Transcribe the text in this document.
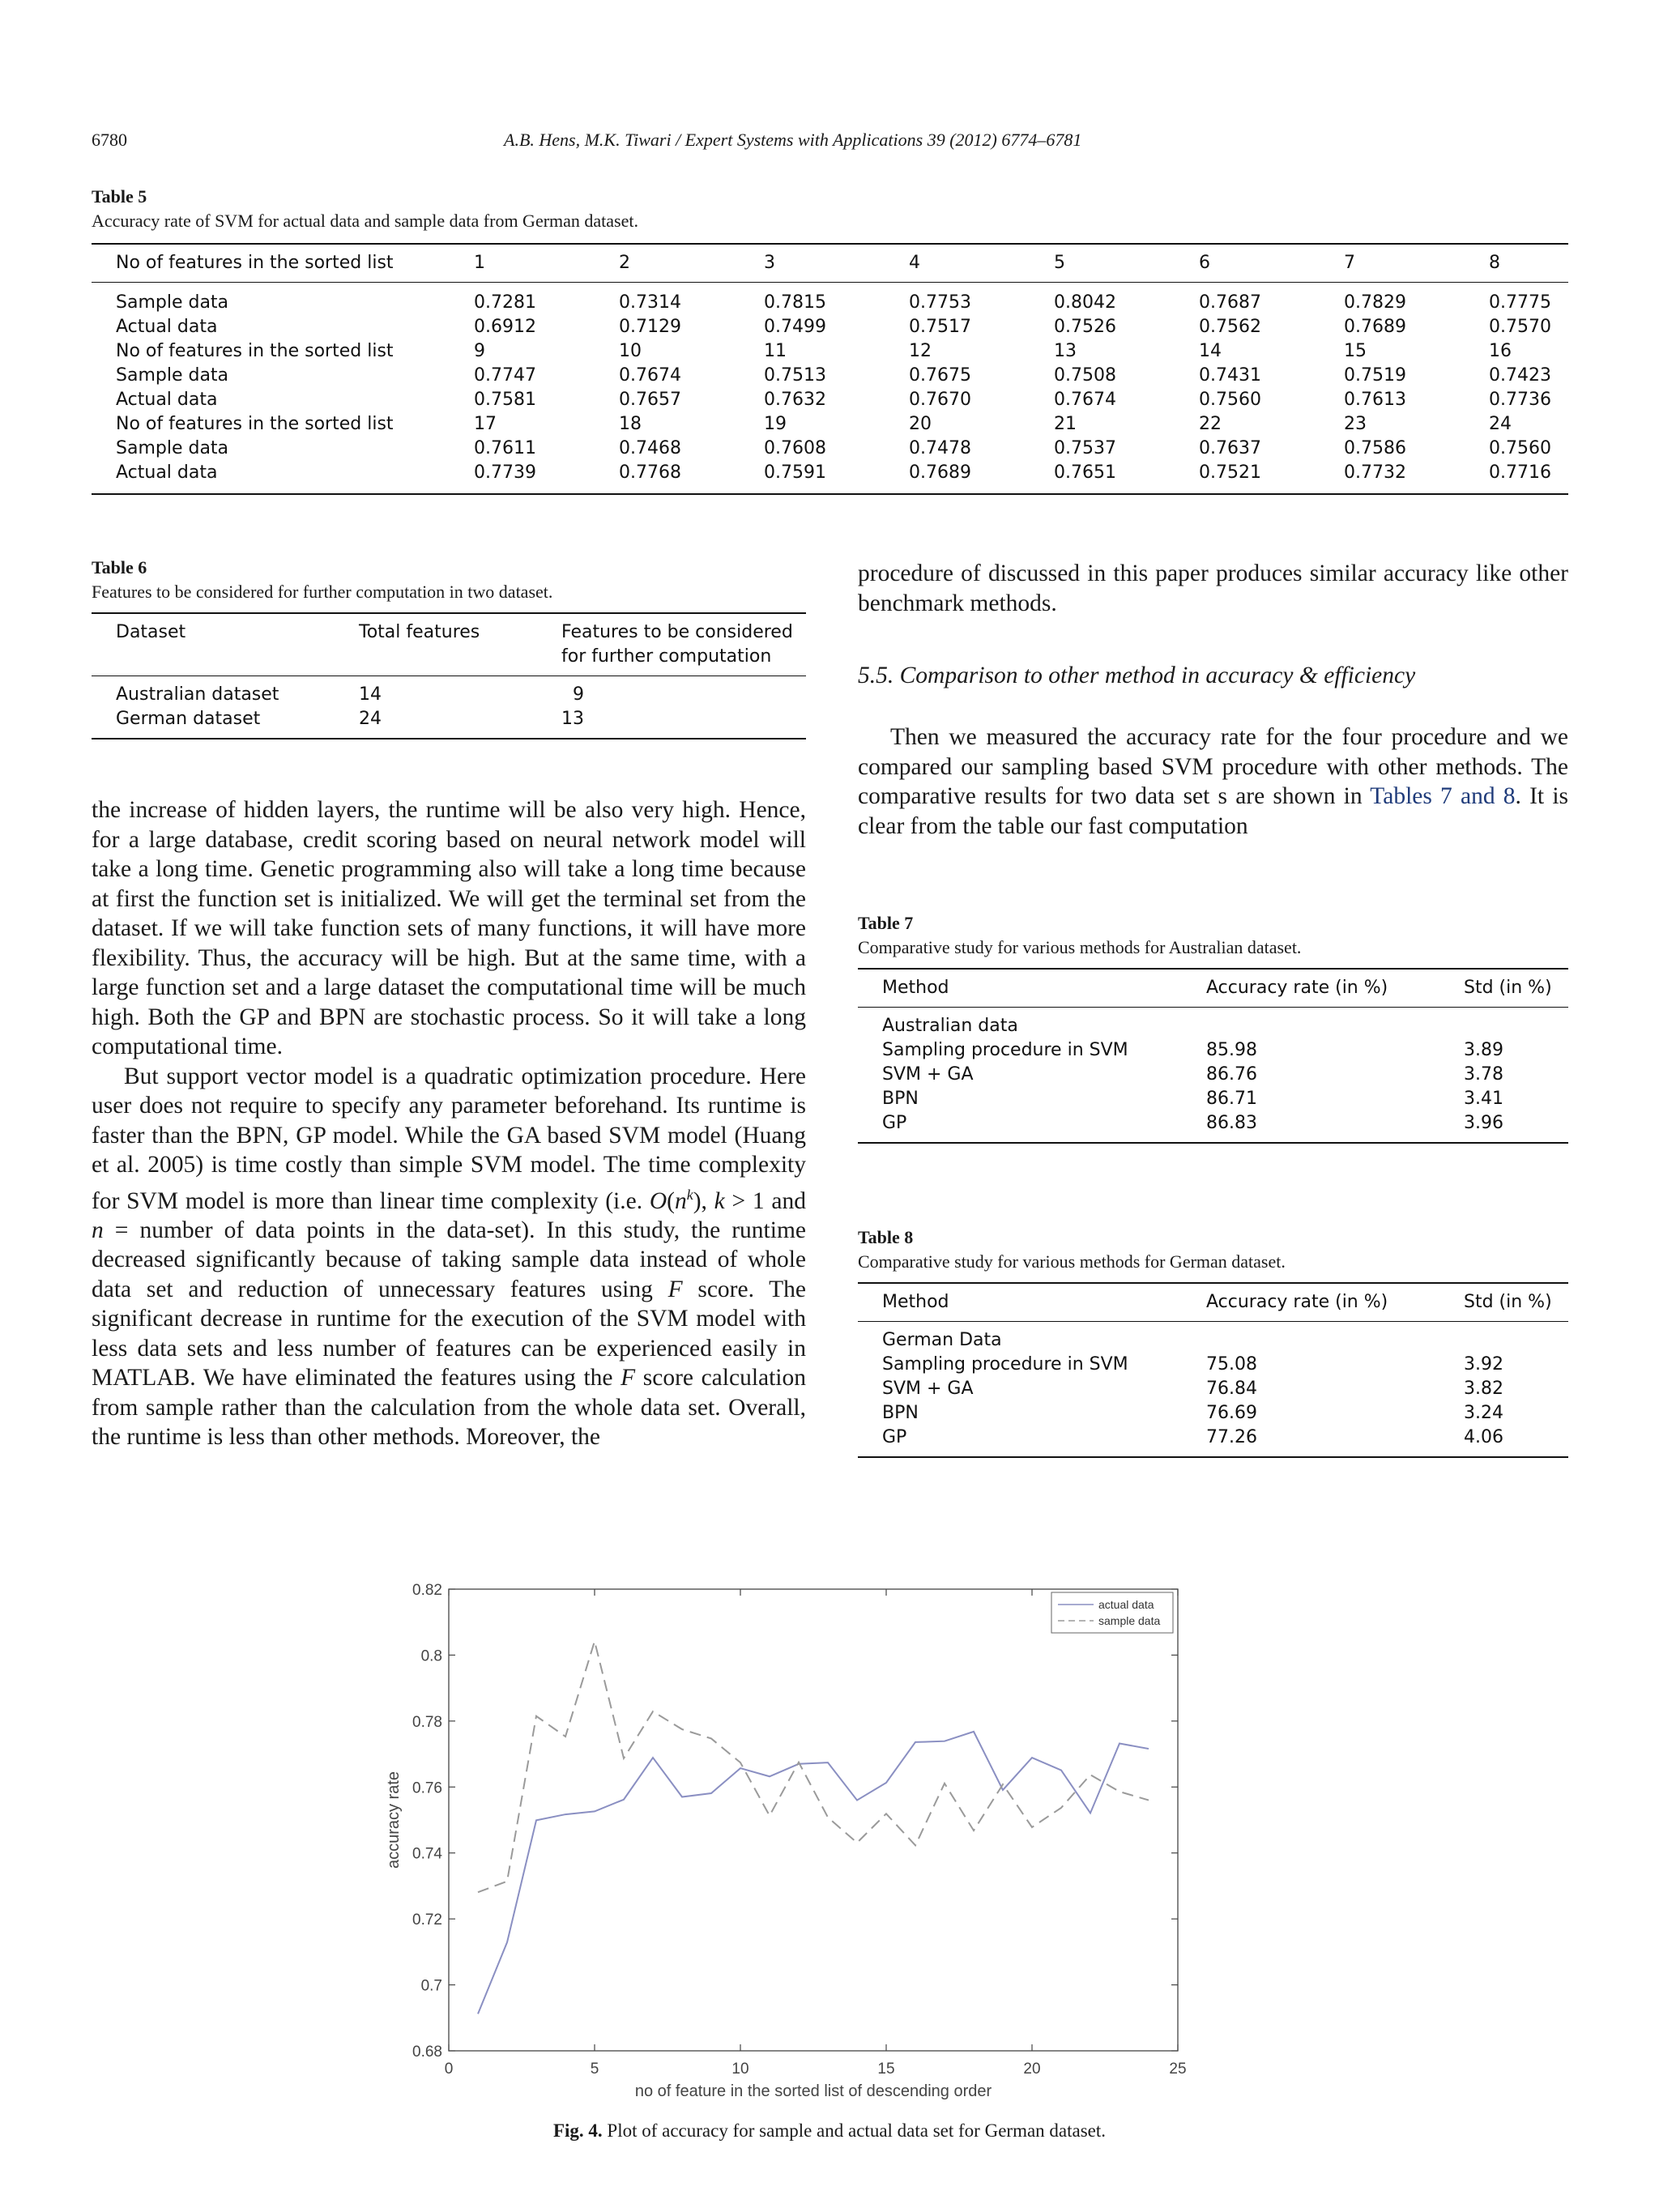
6780	A.B. Hens, M.K. Tiwari / Expert Systems with Applications 39 (2012) 6774–6781
Table 5
Accuracy rate of SVM for actual data and sample data from German dataset.
No of features in the sorted list	1	2	3	4	5	6	7	8
Sample data	0.7281	0.7314	0.7815	0.7753	0.8042	0.7687	0.7829	0.7775
Actual data	0.6912	0.7129	0.7499	0.7517	0.7526	0.7562	0.7689	0.7570
No of features in the sorted list	9	10	11	12	13	14	15	16
Sample data	0.7747	0.7674	0.7513	0.7675	0.7508	0.7431	0.7519	0.7423
Actual data	0.7581	0.7657	0.7632	0.7670	0.7674	0.7560	0.7613	0.7736
No of features in the sorted list	17	18	19	20	21	22	23	24
Sample data	0.7611	0.7468	0.7608	0.7478	0.7537	0.7637	0.7586	0.7560
Actual data	0.7739	0.7768	0.7591	0.7689	0.7651	0.7521	0.7732	0.7716
Table 6
Features to be considered for further computation in two dataset.
Dataset	Total features	Features to be considered for further computation
Australian dataset	14	9
German dataset	24	13

the increase of hidden layers, the runtime will be also very high. Hence, for a large database, credit scoring based on neural network model will take a long time. Genetic programming also will take a long time because at first the function set is initialized. We will get the terminal set from the dataset. If we will take function sets of many functions, it will have more flexibility. Thus, the accuracy will be high. But at the same time, with a large function set and a large dataset the computational time will be much high. Both the GP and BPN are stochastic process. So it will take a long computational time.

But support vector model is a quadratic optimization procedure. Here user does not require to specify any parameter beforehand. Its runtime is faster than the BPN, GP model. While the GA based SVM model (Huang et al. 2005) is time costly than simple SVM model. The time complexity for SVM model is more than linear time complexity (i.e. $O(n^k)$, k > 1 and n = number of data points in the data-set). In this study, the runtime decreased significantly because of taking sample data instead of whole data set and reduction of unnecessary features using F score. The significant decrease in runtime for the execution of the SVM model with less data sets and less number of features can be experienced easily in MATLAB. We have eliminated the features using the F score calculation from sample rather than the calculation from the whole data set. Overall, the runtime is less than other methods. Moreover, the

procedure of discussed in this paper produces similar accuracy like other benchmark methods.

5.5. Comparison to other method in accuracy & efficiency

Then we measured the accuracy rate for the four procedure and we compared our sampling based SVM procedure with other methods. The comparative results for two data set s are shown in Tables 7 and 8. It is clear from the table our fast computation

Table 7
Comparative study for various methods for Australian dataset.
Method	Accuracy rate (in %)	Std (in %)
Australian data		
Sampling procedure in SVM	85.98	3.89
SVM + GA	86.76	3.78
BPN	86.71	3.41
GP	86.83	3.96
Table 8
Comparative study for various methods for German dataset.
Method	Accuracy rate (in %)	Std (in %)
German Data		
Sampling procedure in SVM	75.08	3.92
SVM + GA	76.84	3.82
BPN	76.69	3.24
GP	77.26	4.06
0.68
0.7
0.72
0.74
0.76
0.78
0.8
0.82
0	5	10	15	20	25
no of feature in the sorted list of descending order
accuracy rate
actual data
sample data
Fig. 4. Plot of accuracy for sample and actual data set for German dataset.
